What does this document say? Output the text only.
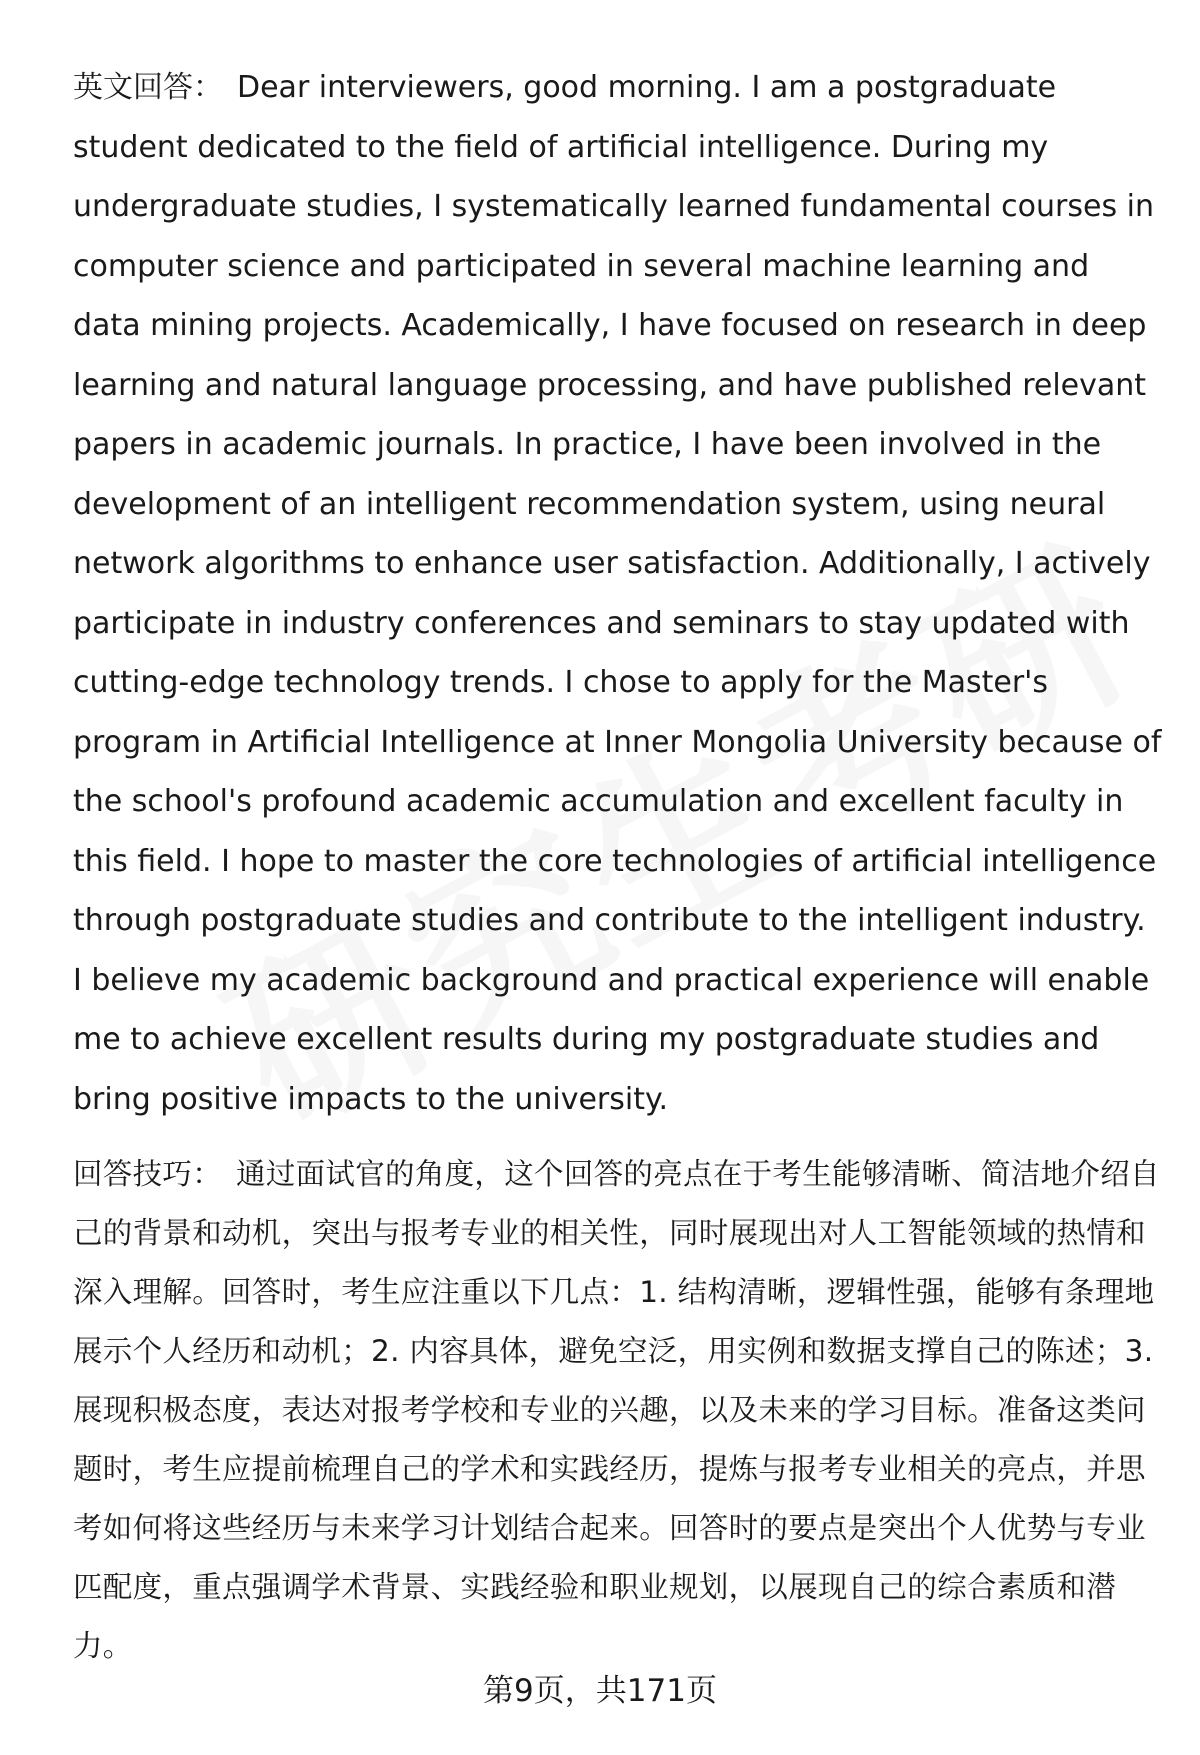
英文回答： Dear interviewers, good morning. I am a postgraduate student dedicated to the field of artificial intelligence. During my undergraduate studies, I systematically learned fundamental courses in computer science and participated in several machine learning and data mining projects. Academically, I have focused on research in deep learning and natural language processing, and have published relevant papers in academic journals. In practice, I have been involved in the development of an intelligent recommendation system, using neural network algorithms to enhance user satisfaction. Additionally, I actively participate in industry conferences and seminars to stay updated with cutting-edge technology trends. I chose to apply for the Master's program in Artificial Intelligence at Inner Mongolia University because of the school's profound academic accumulation and excellent faculty in this field. I hope to master the core technologies of artificial intelligence through postgraduate studies and contribute to the intelligent industry. I believe my academic background and practical experience will enable me to achieve excellent results during my postgraduate studies and bring positive impacts to the university.

回答技巧： 通过面试官的角度，这个回答的亮点在于考生能够清晰、简洁地介绍自己的背景和动机，突出与报考专业的相关性，同时展现出对人工智能领域的热情和深入理解。回答时，考生应注重以下几点：1. 结构清晰，逻辑性强，能够有条理地展示个人经历和动机；2. 内容具体，避免空泛，用实例和数据支撑自己的陈述；3. 展现积极态度，表达对报考学校和专业的兴趣，以及未来的学习目标。准备这类问题时，考生应提前梳理自己的学术和实践经历，提炼与报考专业相关的亮点，并思考如何将这些经历与未来学习计划结合起来。回答时的要点是突出个人优势与专业匹配度，重点强调学术背景、实践经验和职业规划，以展现自己的综合素质和潜力。

第9页，共171页
